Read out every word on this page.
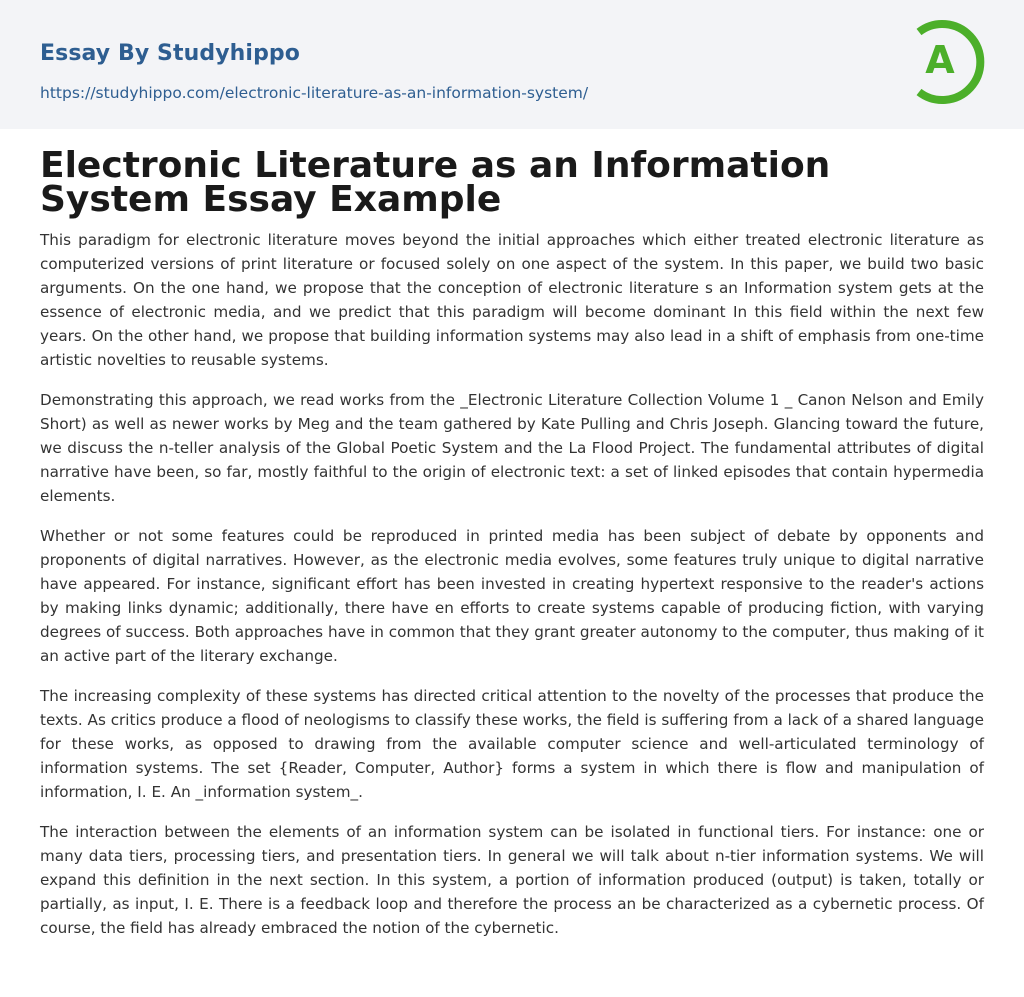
Essay By Studyhippo
https://studyhippo.com/electronic-literature-as-an-information-system/
A
Electronic Literature as an Information System Essay Example

This paradigm for electronic literature moves beyond the initial approaches which either treated electronic literature as computerized versions of print literature or focused solely on one aspect of the system. In this paper, we build two basic arguments. On the one hand, we propose that the conception of electronic literature s an Information system gets at the essence of electronic media, and we predict that this paradigm will become dominant In this field within the next few years. On the other hand, we propose that building information systems may also lead in a shift of emphasis from one-time artistic novelties to reusable systems.

Demonstrating this approach, we read works from the _Electronic Literature Collection Volume 1 _ Canon Nelson and Emily Short) as well as newer works by Meg and the team gathered by Kate Pulling and Chris Joseph. Glancing toward the future, we discuss the n-teller analysis of the Global Poetic System and the La Flood Project. The fundamental attributes of digital narrative have been, so far, mostly faithful to the origin of electronic text: a set of linked episodes that contain hypermedia elements.

Whether or not some features could be reproduced in printed media has been subject of debate by opponents and proponents of digital narratives. However, as the electronic media evolves, some features truly unique to digital narrative have appeared. For instance, significant effort has been invested in creating hypertext responsive to the reader's actions by making links dynamic; additionally, there have en efforts to create systems capable of producing fiction, with varying degrees of success. Both approaches have in common that they grant greater autonomy to the computer, thus making of it an active part of the literary exchange.

The increasing complexity of these systems has directed critical attention to the novelty of the processes that produce the texts. As critics produce a flood of neologisms to classify these works, the field is suffering from a lack of a shared language for these works, as opposed to drawing from the available computer science and well-articulated terminology of information systems. The set {Reader, Computer, Author} forms a system in which there is flow and manipulation of information, I. E. An _information system_.

The interaction between the elements of an information system can be isolated in functional tiers. For instance: one or many data tiers, processing tiers, and presentation tiers. In general we will talk about n-tier information systems. We will expand this definition in the next section. In this system, a portion of information produced (output) is taken, totally or partially, as input, I. E. There is a feedback loop and therefore the process an be characterized as a cybernetic process. Of course, the field has already embraced the notion of the cybernetic.
